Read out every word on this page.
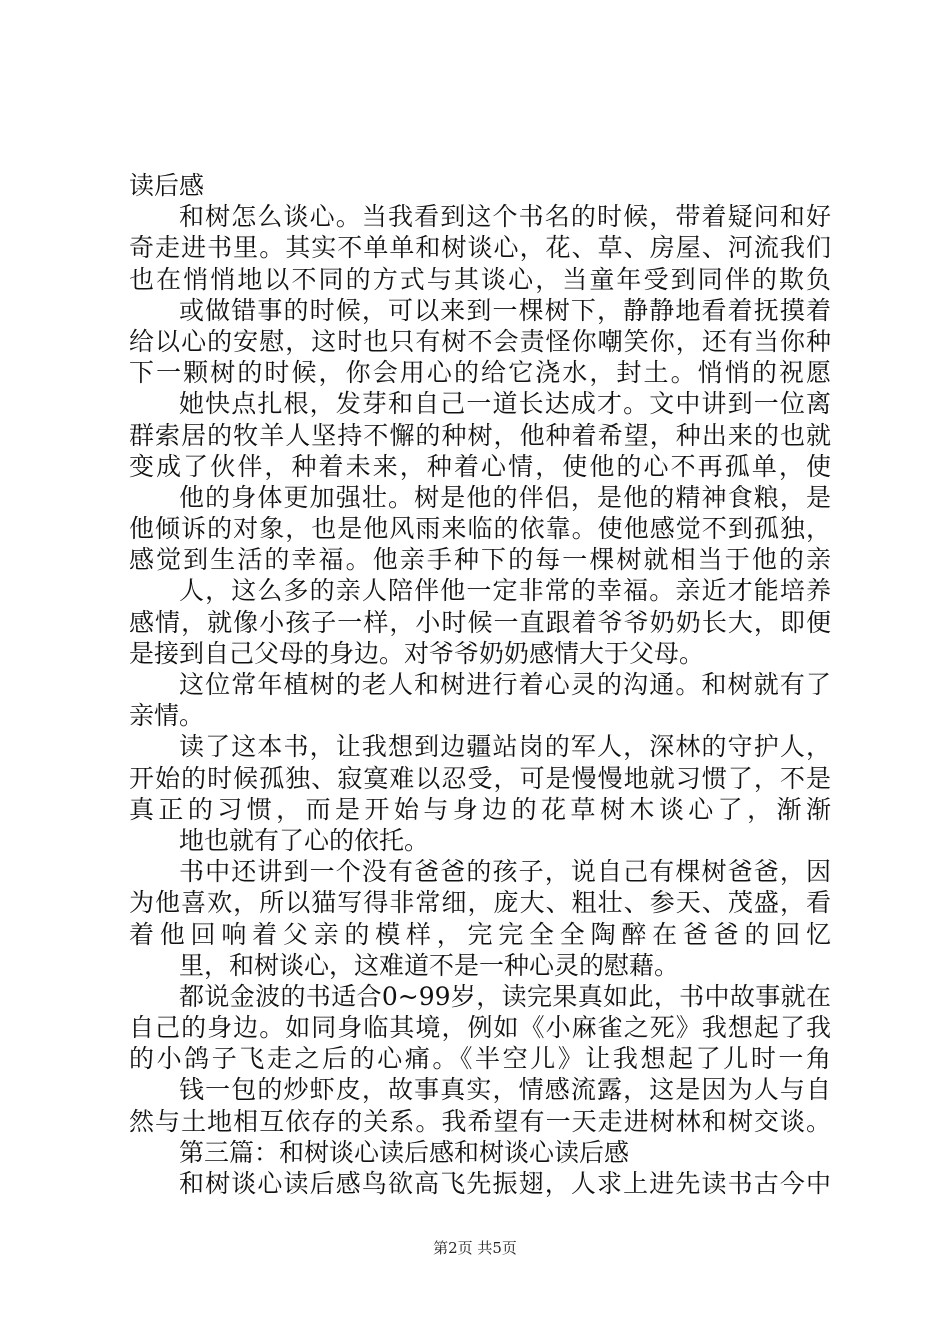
读后感
和树怎么谈心。当我看到这个书名的时候，带着疑问和好
奇走进书里。其实不单单和树谈心，花、草、房屋、河流我们
也在悄悄地以不同的方式与其谈心，当童年受到同伴的欺负
或做错事的时候，可以来到一棵树下，静静地看着抚摸着
给以心的安慰，这时也只有树不会责怪你嘲笑你，还有当你种
下一颗树的时候，你会用心的给它浇水，封土。悄悄的祝愿
她快点扎根，发芽和自己一道长达成才。文中讲到一位离
群索居的牧羊人坚持不懈的种树，他种着希望，种出来的也就
变成了伙伴，种着未来，种着心情，使他的心不再孤单，使
他的身体更加强壮。树是他的伴侣，是他的精神食粮，是
他倾诉的对象，也是他风雨来临的依靠。使他感觉不到孤独，
感觉到生活的幸福。他亲手种下的每一棵树就相当于他的亲
人，这么多的亲人陪伴他一定非常的幸福。亲近才能培养
感情，就像小孩子一样，小时候一直跟着爷爷奶奶长大，即便
是接到自己父母的身边。对爷爷奶奶感情大于父母。
这位常年植树的老人和树进行着心灵的沟通。和树就有了
亲情。
读了这本书，让我想到边疆站岗的军人，深林的守护人，
开始的时候孤独、寂寞难以忍受，可是慢慢地就习惯了，不是
真正的习惯，而是开始与身边的花草树木谈心了，渐渐
地也就有了心的依托。
书中还讲到一个没有爸爸的孩子，说自己有棵树爸爸，因
为他喜欢，所以猫写得非常细，庞大、粗壮、参天、茂盛，看
着他回响着父亲的模样，完完全全陶醉在爸爸的回忆
里，和树谈心，这难道不是一种心灵的慰藉。
都说金波的书适合0~99岁，读完果真如此，书中故事就在
自己的身边。如同身临其境，例如《小麻雀之死》我想起了我
的小鸽子飞走之后的心痛。《半空儿》让我想起了儿时一角
钱一包的炒虾皮，故事真实，情感流露，这是因为人与自
然与土地相互依存的关系。我希望有一天走进树林和树交谈。
第三篇：和树谈心读后感和树谈心读后感
和树谈心读后感鸟欲高飞先振翅，人求上进先读书古今中
第2页 共5页
